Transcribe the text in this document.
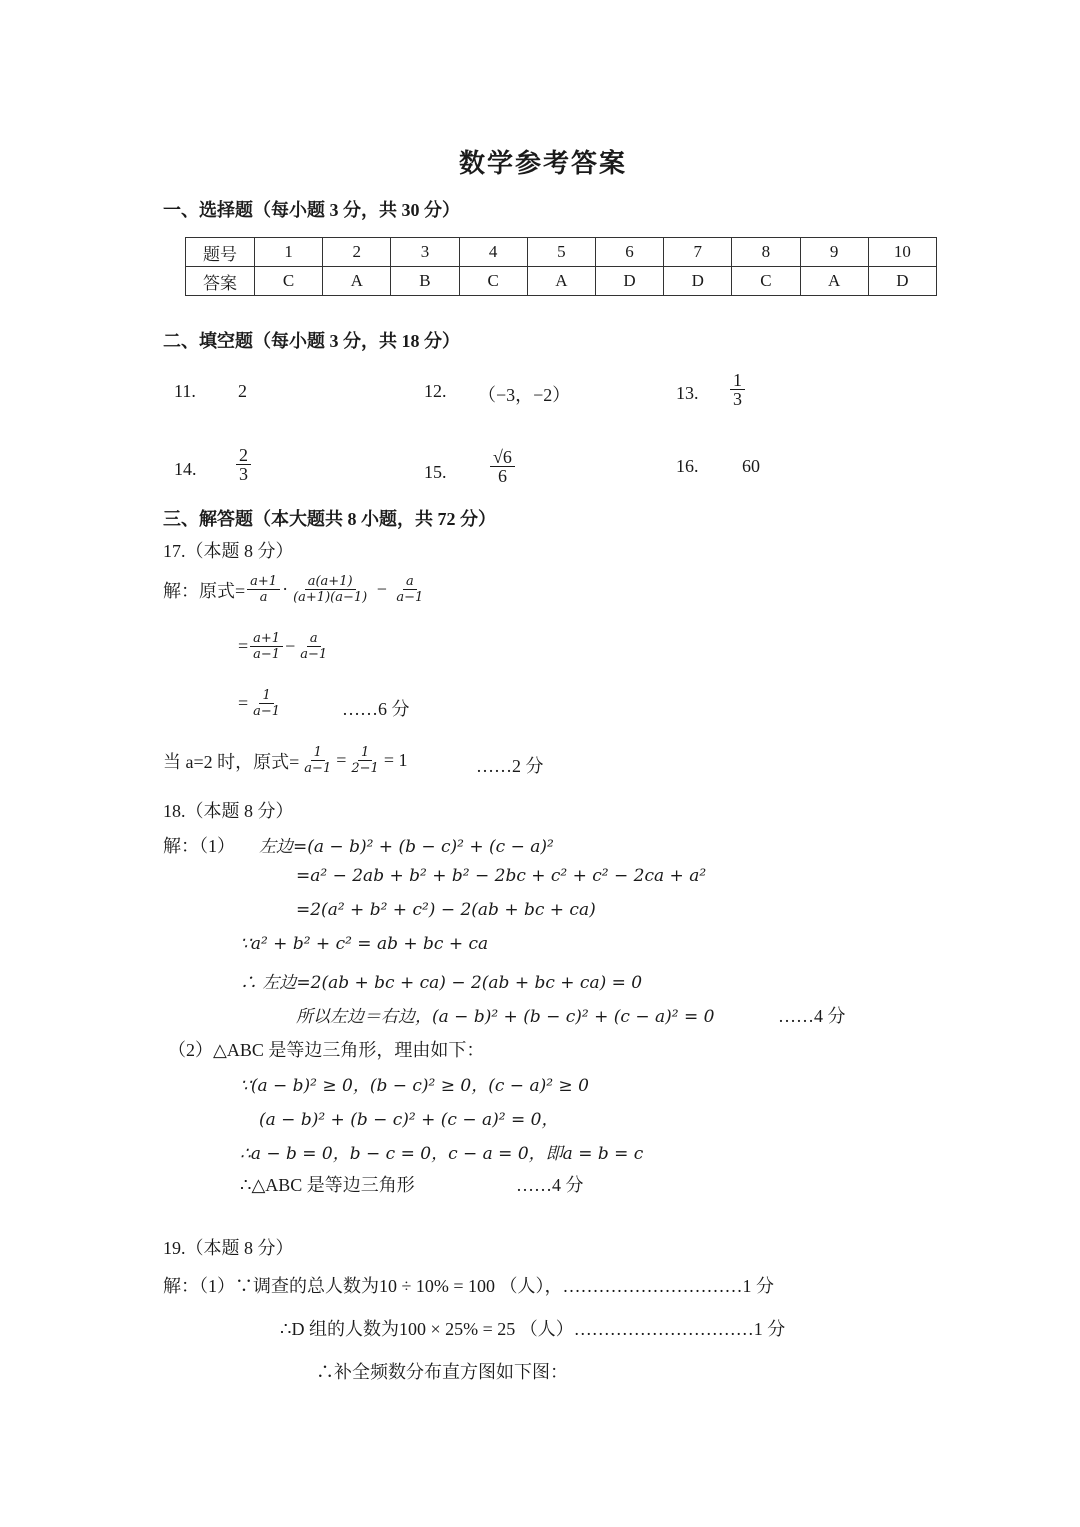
数学参考答案
一、选择题（每小题 3 分，共 30 分）
题号	1	2	3	4	5	6	7	8	9	10
答案	C	A	B	C	A	D	D	C	A	D
二、填空题（每小题 3 分，共 18 分）
11. 2	12. （−3，−2）	13. $\frac{1}{3}$
14. $\frac{2}{3}$	15. $\frac{√6}{6}$	16. 60
三、解答题（本大题共 8 小题，共 72 分）
17.（本题 8 分）
解：原式= $\frac{a+1}{a} \cdot \frac{a(a+1)}{(a+1)(a-1)} - \frac{a}{a-1}$
= $\frac{a+1}{a-1} - \frac{a}{a-1}$
= $\frac{1}{a-1}$	……6 分
当 a=2 时，原式= $\frac{1}{a-1} = \frac{1}{2-1} = 1$	……2 分
18.（本题 8 分）
解：（1） 左边=(a − b)² + (b − c)² + (c − a)²
=a² − 2ab + b² + b² − 2bc + c² + c² − 2ca + a²
=2(a² + b² + c²) − 2(ab + bc + ca)
∵a² + b² + c² = ab + bc + ca
∴ 左边=2(ab + bc + ca) − 2(ab + bc + ca) = 0
所以左边＝右边，(a − b)² + (b − c)² + (c − a)² = 0	……4 分
（2）△ABC 是等边三角形，理由如下：
∵(a − b)² ≥ 0，(b − c)² ≥ 0，(c − a)² ≥ 0
(a − b)² + (b − c)² + (c − a)² = 0，
∴a − b = 0，b − c = 0，c − a = 0，即a = b = c
∴△ABC 是等边三角形	……4 分
19.（本题 8 分）
解：（1）∵调查的总人数为10 ÷ 10% = 100 （人），…………………………1 分
∴D 组的人数为100 × 25% = 25 （人）…………………………1 分
∴补全频数分布直方图如下图：
